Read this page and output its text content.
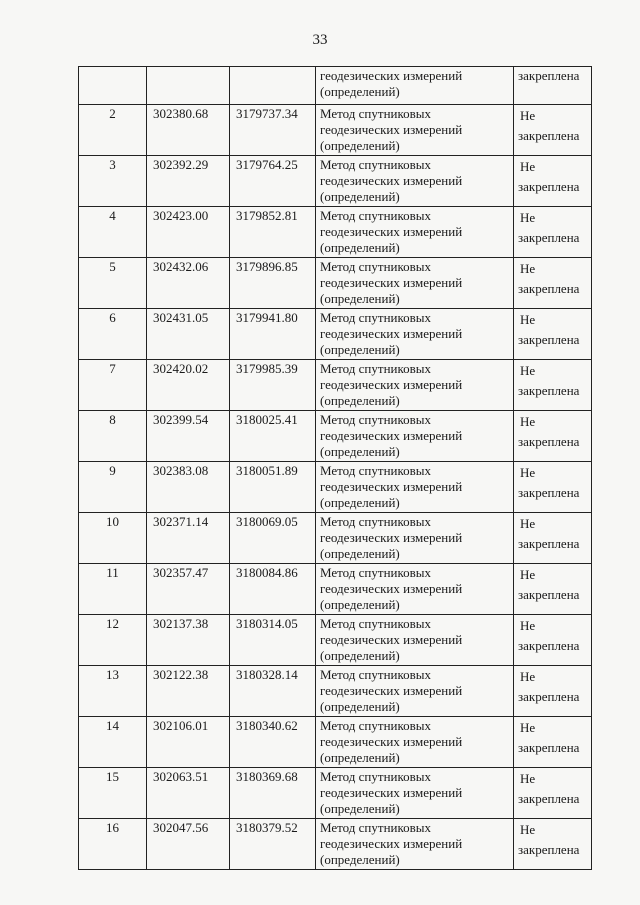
33

			геодезических измерений
(определений)	закреплена

2	302380.68	3179737.34	Метод спутниковых
геодезических измерений
(определений)	Не
закреплена

3	302392.29	3179764.25	Метод спутниковых
геодезических измерений
(определений)	Не
закреплена

4	302423.00	3179852.81	Метод спутниковых
геодезических измерений
(определений)	Не
закреплена

5	302432.06	3179896.85	Метод спутниковых
геодезических измерений
(определений)	Не
закреплена

6	302431.05	3179941.80	Метод спутниковых
геодезических измерений
(определений)	Не
закреплена

7	302420.02	3179985.39	Метод спутниковых
геодезических измерений
(определений)	Не
закреплена

8	302399.54	3180025.41	Метод спутниковых
геодезических измерений
(определений)	Не
закреплена

9	302383.08	3180051.89	Метод спутниковых
геодезических измерений
(определений)	Не
закреплена

10	302371.14	3180069.05	Метод спутниковых
геодезических измерений
(определений)	Не
закреплена

11	302357.47	3180084.86	Метод спутниковых
геодезических измерений
(определений)	Не
закреплена

12	302137.38	3180314.05	Метод спутниковых
геодезических измерений
(определений)	Не
закреплена

13	302122.38	3180328.14	Метод спутниковых
геодезических измерений
(определений)	Не
закреплена

14	302106.01	3180340.62	Метод спутниковых
геодезических измерений
(определений)	Не
закреплена

15	302063.51	3180369.68	Метод спутниковых
геодезических измерений
(определений)	Не
закреплена

16	302047.56	3180379.52	Метод спутниковых
геодезических измерений
(определений)	Не
закреплена
